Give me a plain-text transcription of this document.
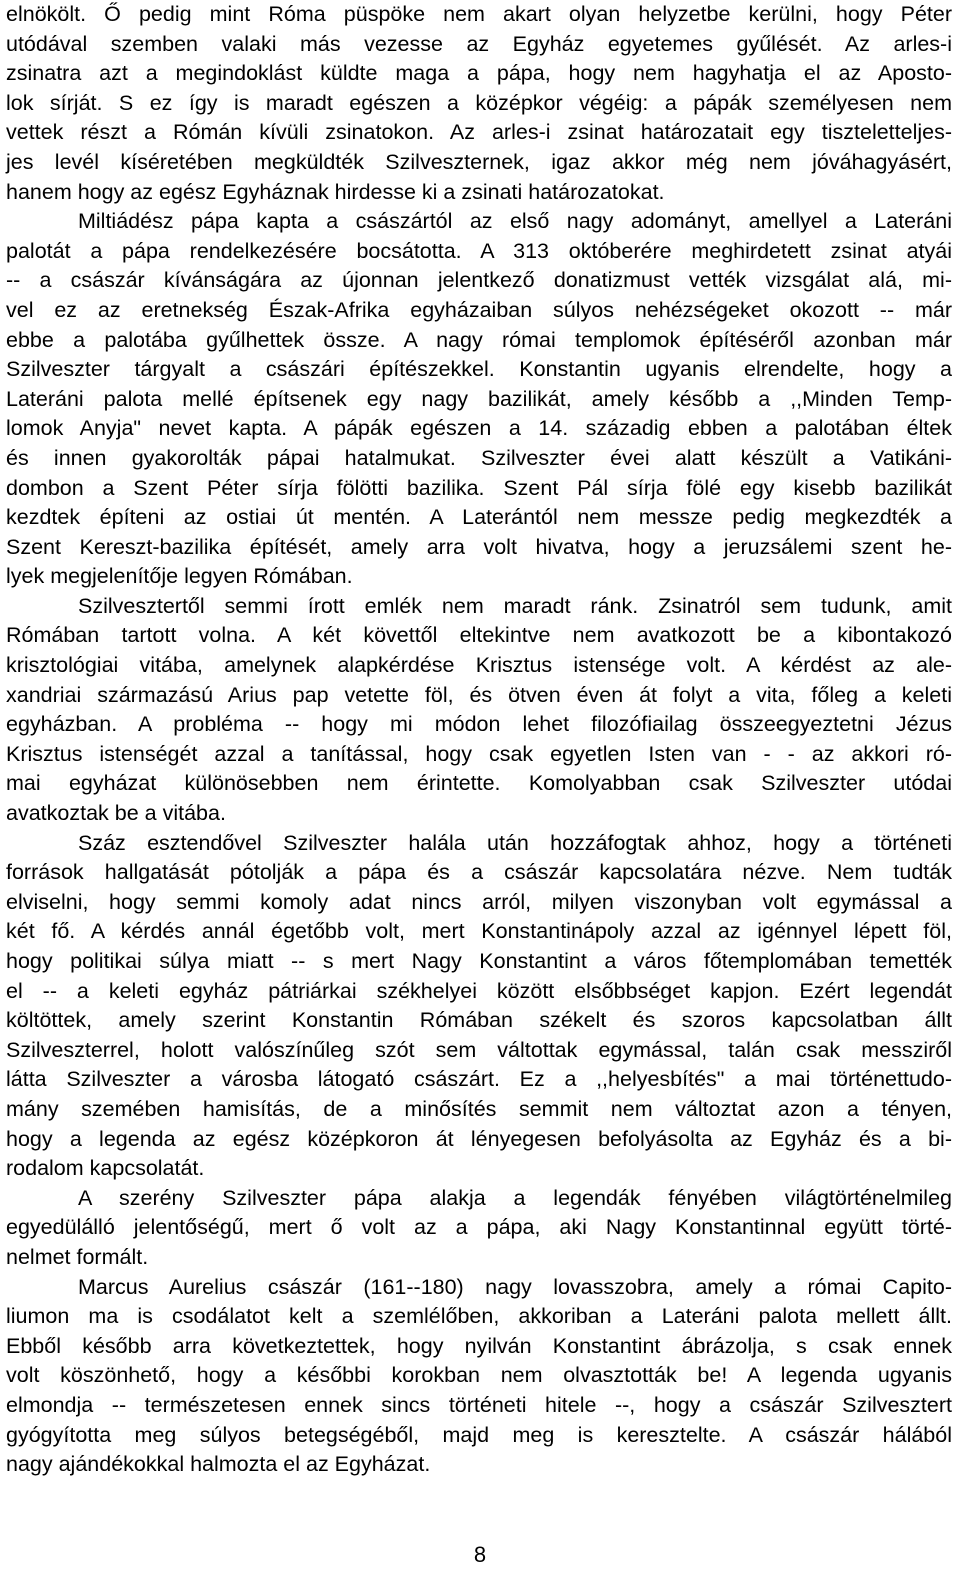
elnökölt. Ő pedig mint Róma püspöke nem akart olyan helyzetbe kerülni, hogy Péter
utódával szemben valaki más vezesse az Egyház egyetemes gyűlését. Az arles-i
zsinatra azt a megindoklást küldte maga a pápa, hogy nem hagyhatja el az Aposto-
lok sírját. S ez így is maradt egészen a középkor végéig: a pápák személyesen nem
vettek részt a Rómán kívüli zsinatokon. Az arles-i zsinat határozatait egy tiszteletteljes-
jes levél kíséretében megküldték Szilveszternek, igaz akkor még nem jóváhagyásért,
hanem hogy az egész Egyháznak hirdesse ki a zsinati határozatokat.
Miltiádész pápa kapta a császártól az első nagy adományt, amellyel a Lateráni
palotát a pápa rendelkezésére bocsátotta. A 313 októberére meghirdetett zsinat atyái
-- a császár kívánságára az újonnan jelentkező donatizmust vették vizsgálat alá, mi-
vel ez az eretnekség Észak-Afrika egyházaiban súlyos nehézségeket okozott -- már
ebbe a palotába gyűlhettek össze. A nagy római templomok építéséről azonban már
Szilveszter tárgyalt a császári építészekkel. Konstantin ugyanis elrendelte, hogy a
Lateráni palota mellé építsenek egy nagy bazilikát, amely később a ,,Minden Temp-
lomok Anyja" nevet kapta. A pápák egészen a 14. századig ebben a palotában éltek
és innen gyakorolták pápai hatalmukat. Szilveszter évei alatt készült a Vatikáni-
dombon a Szent Péter sírja fölötti bazilika. Szent Pál sírja fölé egy kisebb bazilikát
kezdtek építeni az ostiai út mentén. A Laterántól nem messze pedig megkezdték a
Szent Kereszt-bazilika építését, amely arra volt hivatva, hogy a jeruzsálemi szent he-
lyek megjelenítője legyen Rómában.
Szilvesztertől semmi írott emlék nem maradt ránk. Zsinatról sem tudunk, amit
Rómában tartott volna. A két követtől eltekintve nem avatkozott be a kibontakozó
krisztológiai vitába, amelynek alapkérdése Krisztus istensége volt. A kérdést az ale-
xandriai származású Arius pap vetette föl, és ötven éven át folyt a vita, főleg a keleti
egyházban. A probléma -- hogy mi módon lehet filozófiailag összeegyeztetni Jézus
Krisztus istenségét azzal a tanítással, hogy csak egyetlen Isten van - - az akkori ró-
mai egyházat különösebben nem érintette. Komolyabban csak Szilveszter utódai
avatkoztak be a vitába.
Száz esztendővel Szilveszter halála után hozzáfogtak ahhoz, hogy a történeti
források hallgatását pótolják a pápa és a császár kapcsolatára nézve. Nem tudták
elviselni, hogy semmi komoly adat nincs arról, milyen viszonyban volt egymással a
két fő. A kérdés annál égetőbb volt, mert Konstantinápoly azzal az igénnyel lépett föl,
hogy politikai súlya miatt -- s mert Nagy Konstantint a város főtemplomában temették
el -- a keleti egyház pátriárkai székhelyei között elsőbbséget kapjon. Ezért legendát
költöttek, amely szerint Konstantin Rómában székelt és szoros kapcsolatban állt
Szilveszterrel, holott valószínűleg szót sem váltottak egymással, talán csak messziről
látta Szilveszter a városba látogató császárt. Ez a ,,helyesbítés" a mai történettudo-
mány szemében hamisítás, de a minősítés semmit nem változtat azon a tényen,
hogy a legenda az egész középkoron át lényegesen befolyásolta az Egyház és a bi-
rodalom kapcsolatát.
A szerény Szilveszter pápa alakja a legendák fényében világtörténelmileg
egyedülálló jelentőségű, mert ő volt az a pápa, aki Nagy Konstantinnal együtt törté-
nelmet formált.
Marcus Aurelius császár (161--180) nagy lovasszobra, amely a római Capito-
liumon ma is csodálatot kelt a szemlélőben, akkoriban a Lateráni palota mellett állt.
Ebből később arra következtettek, hogy nyilván Konstantint ábrázolja, s csak ennek
volt köszönhető, hogy a későbbi korokban nem olvasztották be! A legenda ugyanis
elmondja -- természetesen ennek sincs történeti hitele --, hogy a császár Szilvesztert
gyógyította meg súlyos betegségéből, majd meg is keresztelte. A császár hálából
nagy ajándékokkal halmozta el az Egyházat.
8
